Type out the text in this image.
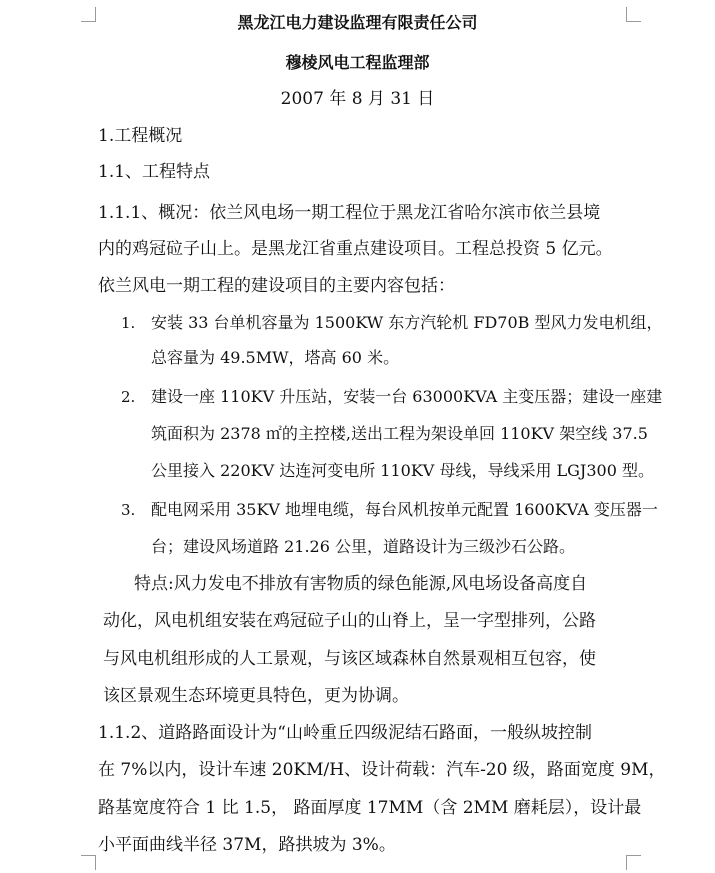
黑龙江电力建设监理有限责任公司
穆棱风电工程监理部
2007 年 8 月 31 日
1.工程概况
1.1、工程特点
1.1.1、概况：依兰风电场一期工程位于黑龙江省哈尔滨市依兰县境
内的鸡冠砬子山上。是黑龙江省重点建设项目。工程总投资 5 亿元。
依兰风电一期工程的建设项目的主要内容包括：
1. 安装 33 台单机容量为 1500KW 东方汽轮机 FD70B 型风力发电机组，
总容量为 49.5MW，塔高 60 米。
2. 建设一座 110KV 升压站，安装一台 63000KVA 主变压器；建设一座建
筑面积为 2378 ㎡的主控楼,送出工程为架设单回 110KV 架空线 37.5
公里接入 220KV 达连河变电所 110KV 母线，导线采用 LGJ300 型。
3. 配电网采用 35KV 地埋电缆，每台风机按单元配置 1600KVA 变压器一
台；建设风场道路 21.26 公里，道路设计为三级沙石公路。
特点:风力发电不排放有害物质的绿色能源,风电场设备高度自
动化，风电机组安装在鸡冠砬子山的山脊上，呈一字型排列，公路
与风电机组形成的人工景观，与该区域森林自然景观相互包容，使
该区景观生态环境更具特色，更为协调。
1.1.2、道路路面设计为“山岭重丘四级泥结石路面，一般纵坡控制
在 7%以内，设计车速 20KM/H、设计荷载：汽车-20 级，路面宽度 9M，
路基宽度符合 1 比 1.5， 路面厚度 17MM（含 2MM 磨耗层），设计最
小平面曲线半径 37M，路拱坡为 3%。
